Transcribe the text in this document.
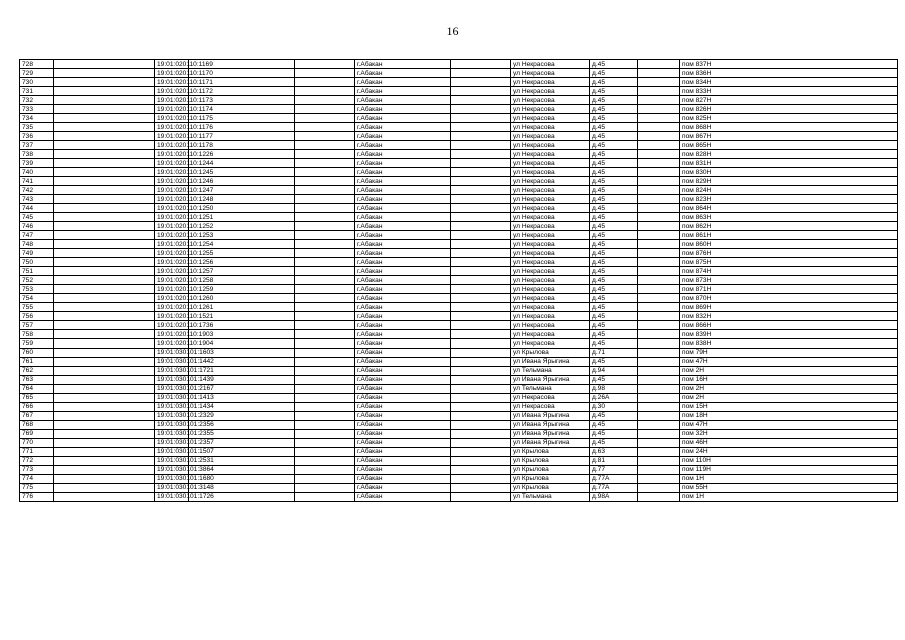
16
728		19:01:020110:1169			г.Абакан		ул Некрасова	д.45		пом 837Н
729		19:01:020110:1170			г.Абакан		ул Некрасова	д.45		пом 836Н
730		19:01:020110:1171			г.Абакан		ул Некрасова	д.45		пом 834Н
731		19:01:020110:1172			г.Абакан		ул Некрасова	д.45		пом 833Н
732		19:01:020110:1173			г.Абакан		ул Некрасова	д.45		пом 827Н
733		19:01:020110:1174			г.Абакан		ул Некрасова	д.45		пом 826Н
734		19:01:020110:1175			г.Абакан		ул Некрасова	д.45		пом 825Н
735		19:01:020110:1176			г.Абакан		ул Некрасова	д.45		пом 868Н
736		19:01:020110:1177			г.Абакан		ул Некрасова	д.45		пом 867Н
737		19:01:020110:1178			г.Абакан		ул Некрасова	д.45		пом 865Н
738		19:01:020110:1226			г.Абакан		ул Некрасова	д.45		пом 828Н
739		19:01:020110:1244			г.Абакан		ул Некрасова	д.45		пом 831Н
740		19:01:020110:1245			г.Абакан		ул Некрасова	д.45		пом 830Н
741		19:01:020110:1246			г.Абакан		ул Некрасова	д.45		пом 829Н
742		19:01:020110:1247			г.Абакан		ул Некрасова	д.45		пом 824Н
743		19:01:020110:1248			г.Абакан		ул Некрасова	д.45		пом 823Н
744		19:01:020110:1250			г.Абакан		ул Некрасова	д.45		пом 864Н
745		19:01:020110:1251			г.Абакан		ул Некрасова	д.45		пом 863Н
746		19:01:020110:1252			г.Абакан		ул Некрасова	д.45		пом 862Н
747		19:01:020110:1253			г.Абакан		ул Некрасова	д.45		пом 861Н
748		19:01:020110:1254			г.Абакан		ул Некрасова	д.45		пом 860Н
749		19:01:020110:1255			г.Абакан		ул Некрасова	д.45		пом 876Н
750		19:01:020110:1256			г.Абакан		ул Некрасова	д.45		пом 875Н
751		19:01:020110:1257			г.Абакан		ул Некрасова	д.45		пом 874Н
752		19:01:020110:1258			г.Абакан		ул Некрасова	д.45		пом 873Н
753		19:01:020110:1259			г.Абакан		ул Некрасова	д.45		пом 871Н
754		19:01:020110:1260			г.Абакан		ул Некрасова	д.45		пом 870Н
755		19:01:020110:1261			г.Абакан		ул Некрасова	д.45		пом 869Н
756		19:01:020110:1521			г.Абакан		ул Некрасова	д.45		пом 832Н
757		19:01:020110:1736			г.Абакан		ул Некрасова	д.45		пом 866Н
758		19:01:020110:1903			г.Абакан		ул Некрасова	д.45		пом 839Н
759		19:01:020110:1904			г.Абакан		ул Некрасова	д.45		пом 838Н
760		19:01:030101:1603			г.Абакан		ул Крылова	д.71		пом 79Н
761		19:01:030101:1442			г.Абакан		ул Ивана Ярыгина	д.45		пом 47Н
762		19:01:030101:1721			г.Абакан		ул Тельмана	д.94		пом 2Н
763		19:01:030101:1439			г.Абакан		ул Ивана Ярыгина	д.45		пом 16Н
764		19:01:030101:2167			г.Абакан		ул Тельмана	д.98		пом 2Н
765		19:01:030101:1413			г.Абакан		ул Некрасова	д.26А		пом 2Н
766		19:01:030101:1434			г.Абакан		ул Некрасова	д.30		пом 15Н
767		19:01:030101:2329			г.Абакан		ул Ивана Ярыгина	д.45		пом 18Н
768		19:01:030101:2356			г.Абакан		ул Ивана Ярыгина	д.45		пом 47Н
769		19:01:030101:2355			г.Абакан		ул Ивана Ярыгина	д.45		пом 32Н
770		19:01:030101:2357			г.Абакан		ул Ивана Ярыгина	д.45		пом 46Н
771		19:01:030101:1507			г.Абакан		ул Крылова	д.63		пом 24Н
772		19:01:030101:2531			г.Абакан		ул Крылова	д.81		пом 110Н
773		19:01:030101:3864			г.Абакан		ул Крылова	д.77		пом 119Н
774		19:01:030101:1680			г.Абакан		ул Крылова	д.77А		пом 1Н
775		19:01:030101:3148			г.Абакан		ул Крылова	д.77А		пом 55Н
776		19:01:030101:1726			г.Абакан		ул Тельмана	д.98А		пом 1Н
